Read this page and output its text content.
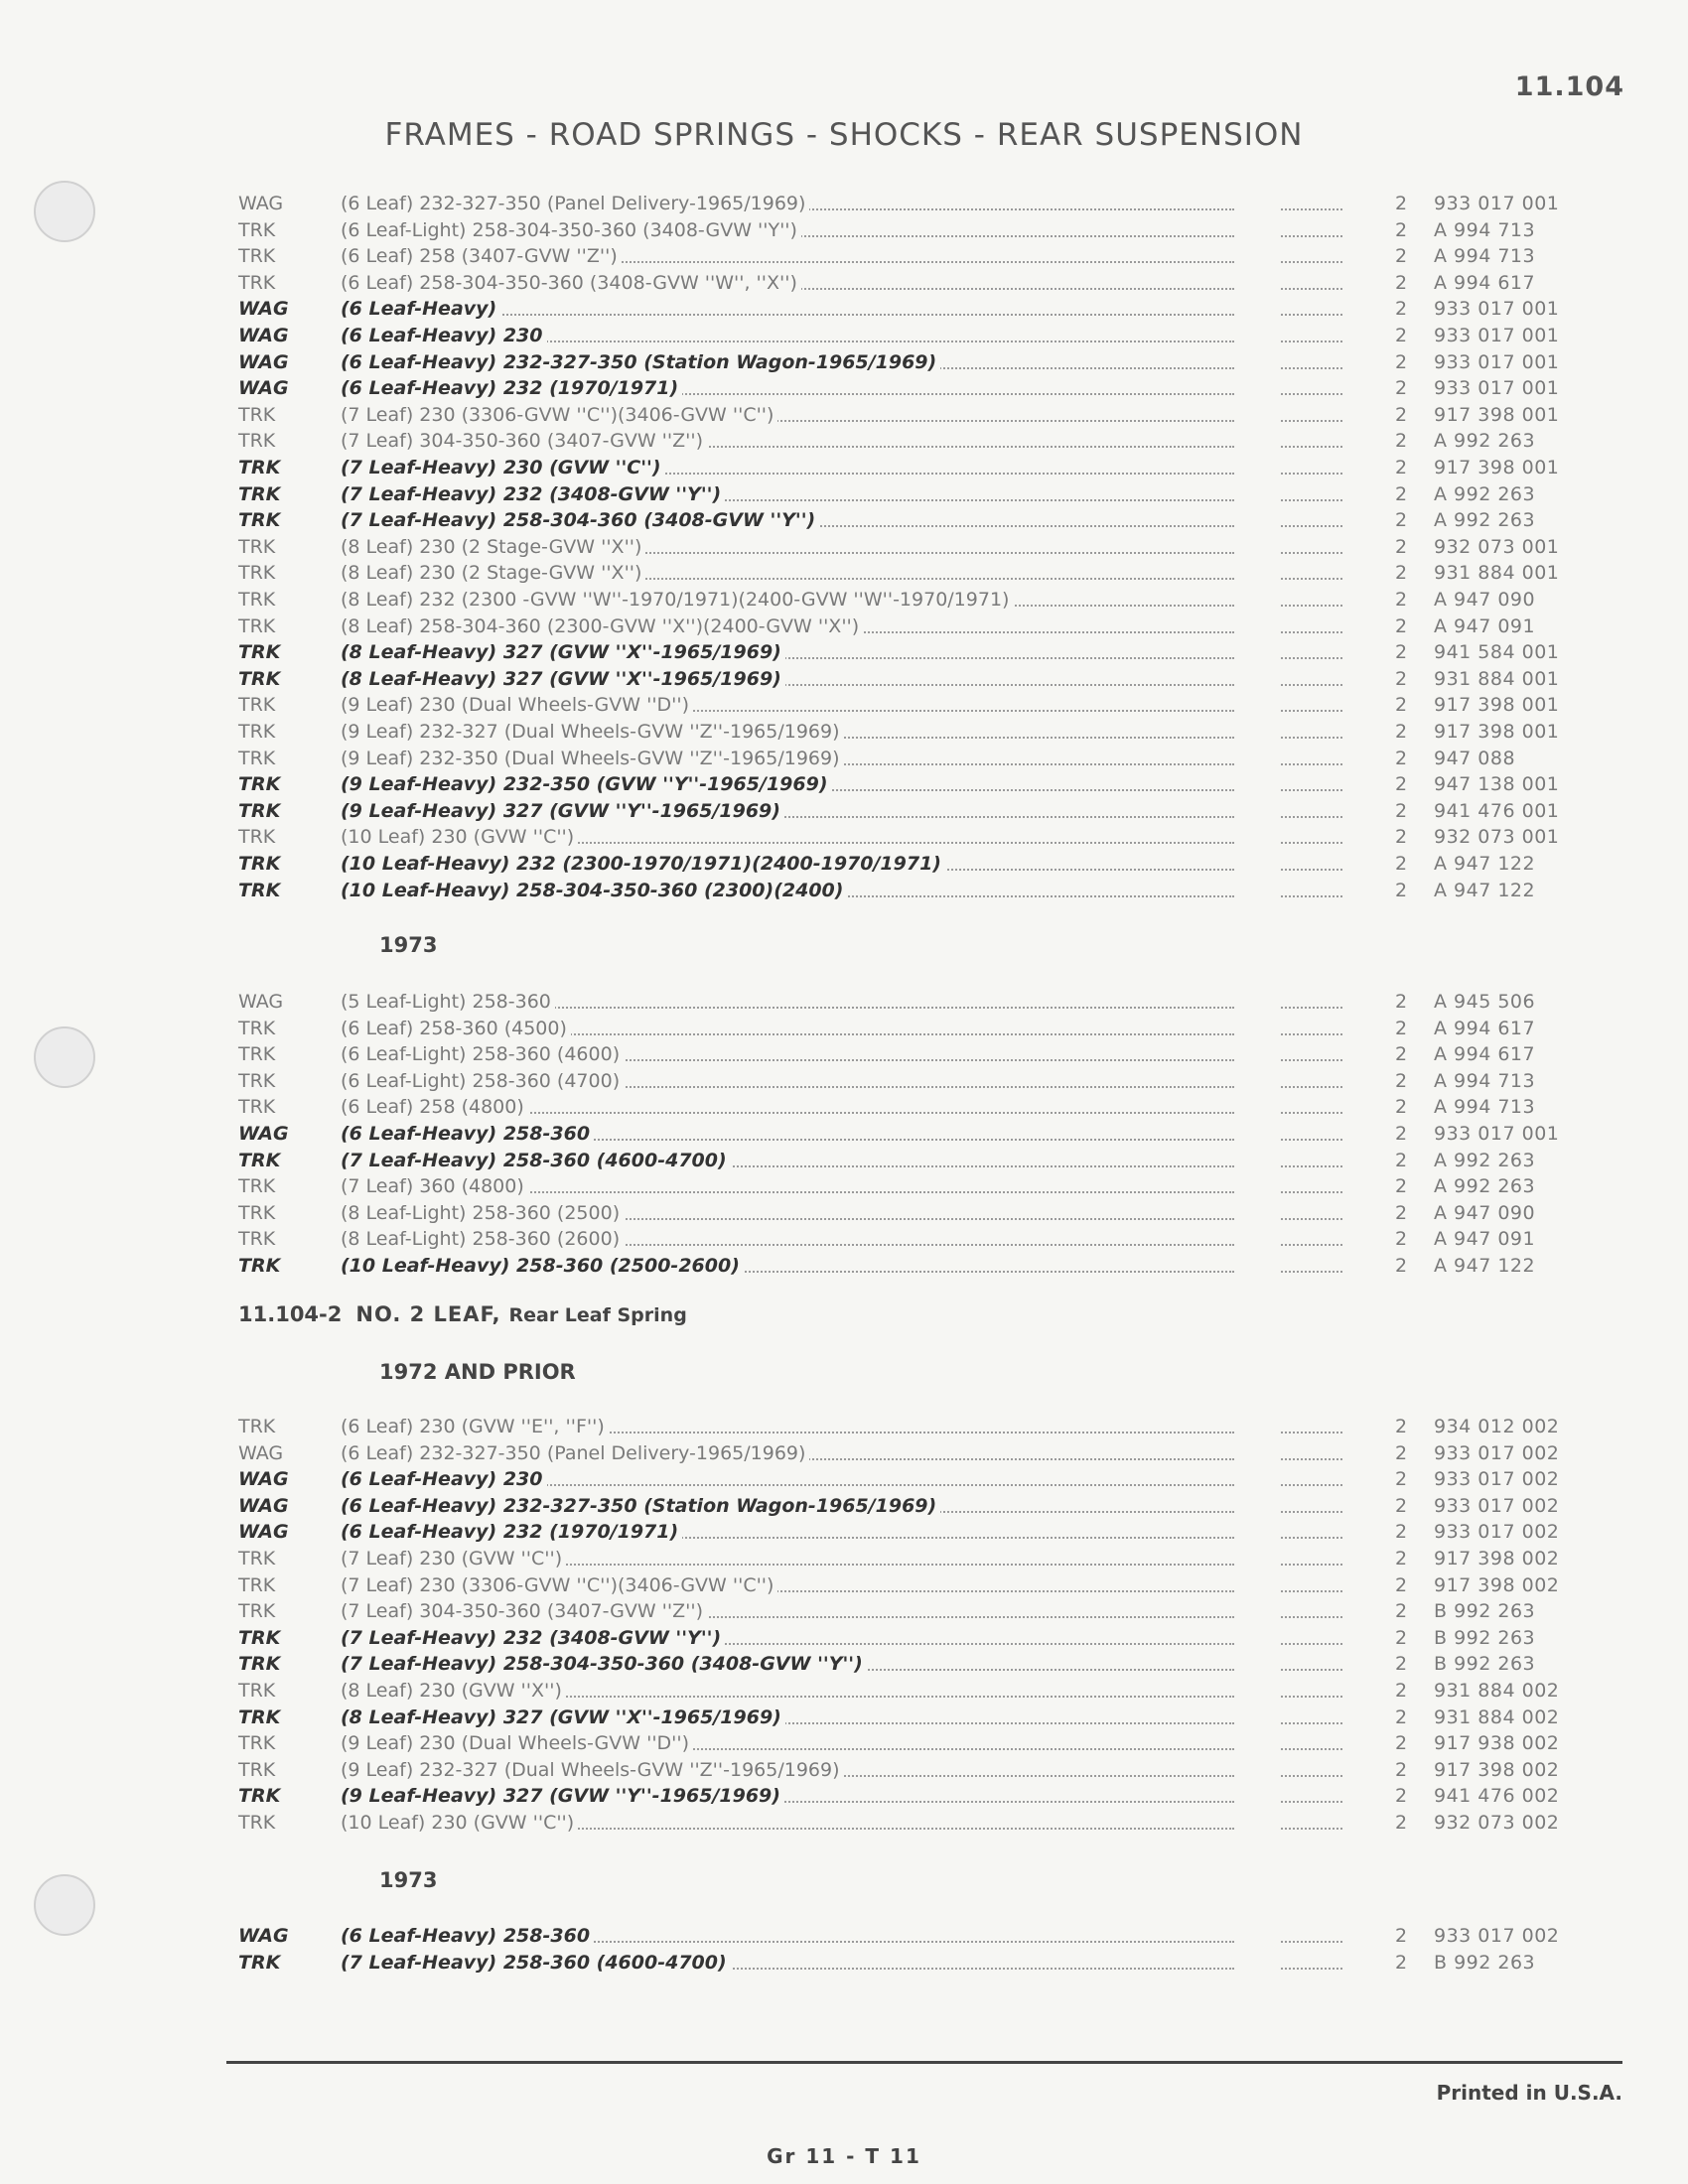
11.104
FRAMES - ROAD SPRINGS - SHOCKS - REAR SUSPENSION
WAG	(6 Leaf) 232-327-350 (Panel Delivery-1965/1969)	2	933 017 001
TRK	(6 Leaf-Light) 258-304-350-360 (3408-GVW ''Y'')	2	A 994 713
TRK	(6 Leaf) 258 (3407-GVW ''Z'')	2	A 994 713
TRK	(6 Leaf) 258-304-350-360 (3408-GVW ''W'', ''X'')	2	A 994 617
WAG	(6 Leaf-Heavy)	2	933 017 001
WAG	(6 Leaf-Heavy) 230	2	933 017 001
WAG	(6 Leaf-Heavy) 232-327-350 (Station Wagon-1965/1969)	2	933 017 001
WAG	(6 Leaf-Heavy) 232 (1970/1971)	2	933 017 001
TRK	(7 Leaf) 230 (3306-GVW ''C'')(3406-GVW ''C'')	2	917 398 001
TRK	(7 Leaf) 304-350-360 (3407-GVW ''Z'')	2	A 992 263
TRK	(7 Leaf-Heavy) 230 (GVW ''C'')	2	917 398 001
TRK	(7 Leaf-Heavy) 232 (3408-GVW ''Y'')	2	A 992 263
TRK	(7 Leaf-Heavy) 258-304-360 (3408-GVW ''Y'')	2	A 992 263
TRK	(8 Leaf) 230 (2 Stage-GVW ''X'')	2	932 073 001
TRK	(8 Leaf) 230 (2 Stage-GVW ''X'')	2	931 884 001
TRK	(8 Leaf) 232 (2300 -GVW ''W''-1970/1971)(2400-GVW ''W''-1970/1971)	2	A 947 090
TRK	(8 Leaf) 258-304-360 (2300-GVW ''X'')(2400-GVW ''X'')	2	A 947 091
TRK	(8 Leaf-Heavy) 327 (GVW ''X''-1965/1969)	2	941 584 001
TRK	(8 Leaf-Heavy) 327 (GVW ''X''-1965/1969)	2	931 884 001
TRK	(9 Leaf) 230 (Dual Wheels-GVW ''D'')	2	917 398 001
TRK	(9 Leaf) 232-327 (Dual Wheels-GVW ''Z''-1965/1969)	2	917 398 001
TRK	(9 Leaf) 232-350 (Dual Wheels-GVW ''Z''-1965/1969)	2	947 088
TRK	(9 Leaf-Heavy) 232-350 (GVW ''Y''-1965/1969)	2	947 138 001
TRK	(9 Leaf-Heavy) 327 (GVW ''Y''-1965/1969)	2	941 476 001
TRK	(10 Leaf) 230 (GVW ''C'')	2	932 073 001
TRK	(10 Leaf-Heavy) 232 (2300-1970/1971)(2400-1970/1971)	2	A 947 122
TRK	(10 Leaf-Heavy) 258-304-350-360 (2300)(2400)	2	A 947 122
1973
WAG	(5 Leaf-Light) 258-360	2	A 945 506
TRK	(6 Leaf) 258-360 (4500)	2	A 994 617
TRK	(6 Leaf-Light) 258-360 (4600)	2	A 994 617
TRK	(6 Leaf-Light) 258-360 (4700)	2	A 994 713
TRK	(6 Leaf) 258 (4800)	2	A 994 713
WAG	(6 Leaf-Heavy) 258-360	2	933 017 001
TRK	(7 Leaf-Heavy) 258-360 (4600-4700)	2	A 992 263
TRK	(7 Leaf) 360 (4800)	2	A 992 263
TRK	(8 Leaf-Light) 258-360 (2500)	2	A 947 090
TRK	(8 Leaf-Light) 258-360 (2600)	2	A 947 091
TRK	(10 Leaf-Heavy) 258-360 (2500-2600)	2	A 947 122
11.104-2 NO. 2 LEAF, Rear Leaf Spring
1972 AND PRIOR
TRK	(6 Leaf) 230 (GVW ''E'', ''F'')	2	934 012 002
WAG	(6 Leaf) 232-327-350 (Panel Delivery-1965/1969)	2	933 017 002
WAG	(6 Leaf-Heavy) 230	2	933 017 002
WAG	(6 Leaf-Heavy) 232-327-350 (Station Wagon-1965/1969)	2	933 017 002
WAG	(6 Leaf-Heavy) 232 (1970/1971)	2	933 017 002
TRK	(7 Leaf) 230 (GVW ''C'')	2	917 398 002
TRK	(7 Leaf) 230 (3306-GVW ''C'')(3406-GVW ''C'')	2	917 398 002
TRK	(7 Leaf) 304-350-360 (3407-GVW ''Z'')	2	B 992 263
TRK	(7 Leaf-Heavy) 232 (3408-GVW ''Y'')	2	B 992 263
TRK	(7 Leaf-Heavy) 258-304-350-360 (3408-GVW ''Y'')	2	B 992 263
TRK	(8 Leaf) 230 (GVW ''X'')	2	931 884 002
TRK	(8 Leaf-Heavy) 327 (GVW ''X''-1965/1969)	2	931 884 002
TRK	(9 Leaf) 230 (Dual Wheels-GVW ''D'')	2	917 938 002
TRK	(9 Leaf) 232-327 (Dual Wheels-GVW ''Z''-1965/1969)	2	917 398 002
TRK	(9 Leaf-Heavy) 327 (GVW ''Y''-1965/1969)	2	941 476 002
TRK	(10 Leaf) 230 (GVW ''C'')	2	932 073 002
1973
WAG	(6 Leaf-Heavy) 258-360	2	933 017 002
TRK	(7 Leaf-Heavy) 258-360 (4600-4700)	2	B 992 263
Printed in U.S.A.
Gr 11 - T 11
